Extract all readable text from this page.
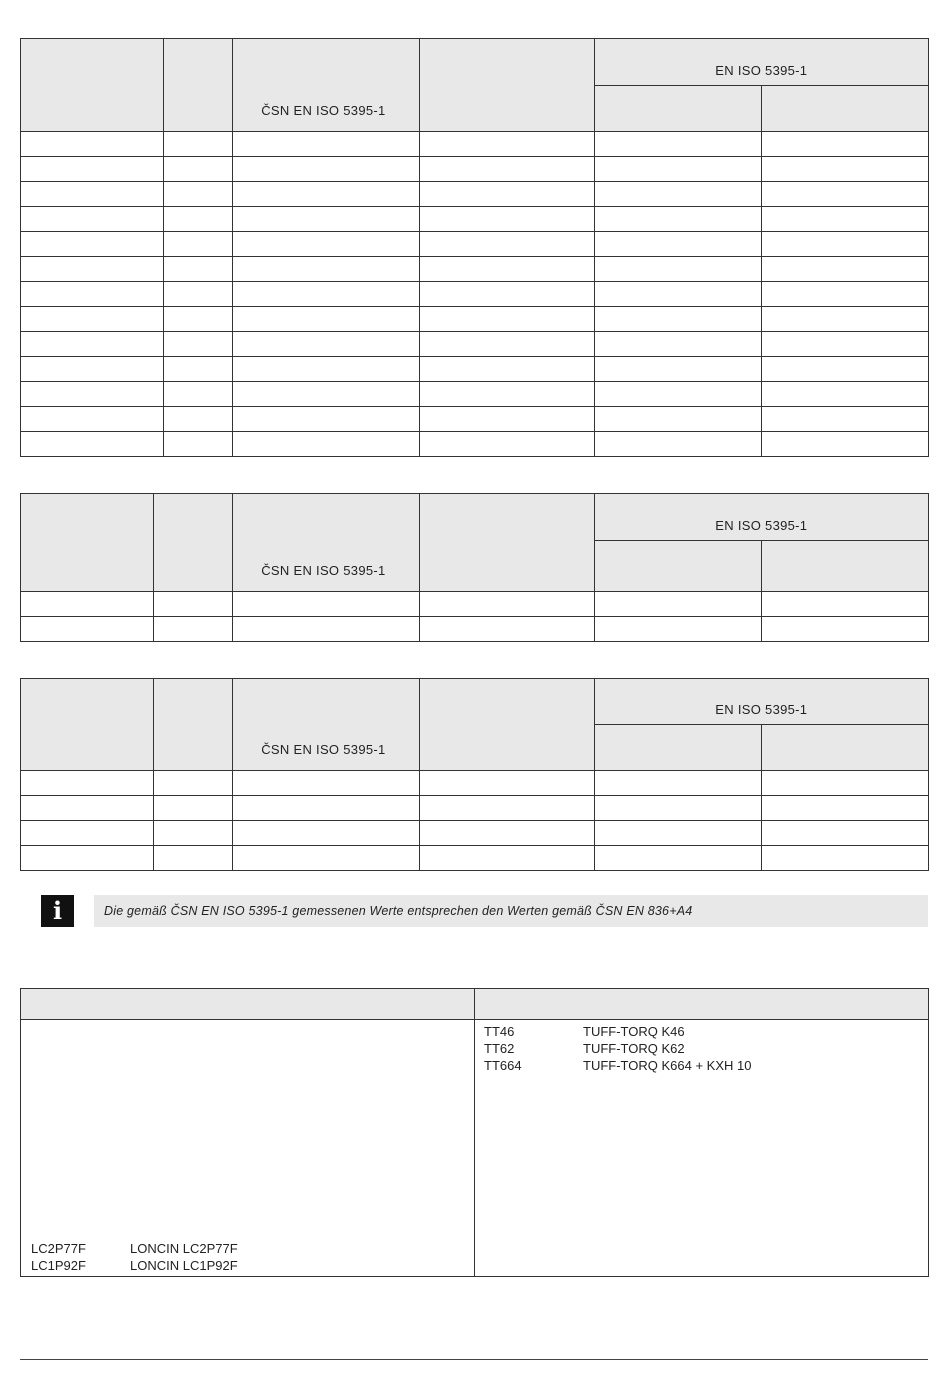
		ČSN EN ISO 5395-1		EN ISO 5395-1	

		ČSN EN ISO 5395-1		EN ISO 5395-1	

		ČSN EN ISO 5395-1		EN ISO 5395-1	

i	Die gemäß ČSN EN ISO 5395-1 gemessenen Werte entsprechen den Werten gemäß ČSN EN 836+A4
LC2P77F	LONCIN LC2P77F
LC1P92F	LONCIN LC1P92F
TT46	TUFF-TORQ K46
TT62	TUFF-TORQ K62
TT664	TUFF-TORQ K664 + KXH 10
